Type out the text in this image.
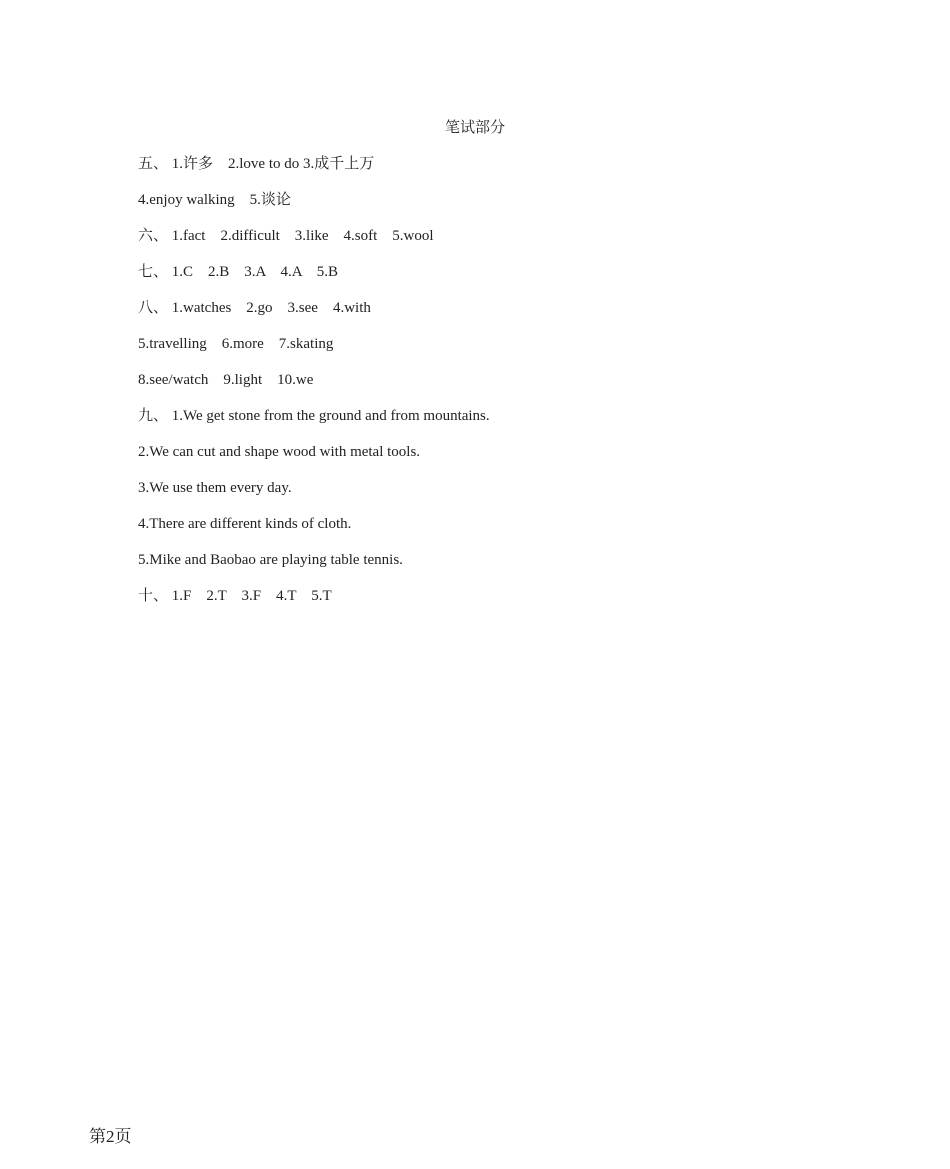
笔试部分
五、 1.许多    2.love to do 3.成千上万
4.enjoy walking    5.谈论
六、 1.fact    2.difficult    3.like    4.soft    5.wool
七、 1.C    2.B    3.A    4.A    5.B
八、 1.watches    2.go    3.see    4.with
5.travelling    6.more    7.skating
8.see/watch    9.light    10.we
九、 1.We get stone from the ground and from mountains.
2.We can cut and shape wood with metal tools.
3.We use them every day.
4.There are different kinds of cloth.
5.Mike and Baobao are playing table tennis.
十、 1.F    2.T    3.F    4.T    5.T
第2页
